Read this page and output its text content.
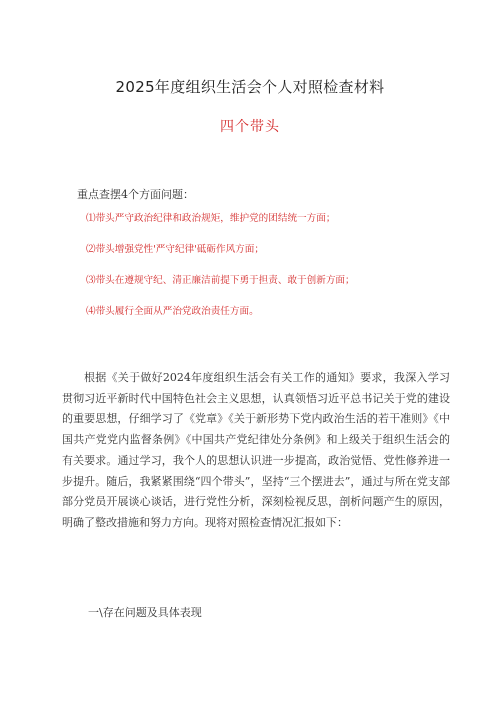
2025年度组织生活会个人对照检查材料
四个带头
重点查摆4个方面问题：
⑴带头严守政治纪律和政治规矩，维护党的团结统一方面；
⑵带头增强党性'严守纪律'砥砺作风方面；
⑶带头在遵规守纪、清正廉洁前提下勇于担责、敢于创新方面；
⑷带头履行全面从严治党政治责任方面。

根据《关于做好2024年度组织生活会有关工作的通知》要求，我深入学习贯彻习近平新时代中国特色社会主义思想，认真领悟习近平总书记关于党的建设的重要思想，仔细学习了《党章》《关于新形势下党内政治生活的若干准则》《中国共产党党内监督条例》《中国共产党纪律处分条例》和上级关于组织生活会的有关要求。通过学习，我个人的思想认识进一步提高，政治觉悟、党性修养进一步提升。随后，我紧紧围绕“四个带头”，坚持“三个摆进去”，通过与所在党支部部分党员开展谈心谈话，进行党性分析，深刻检视反思，剖析问题产生的原因，明确了整改措施和努力方向。现将对照检查情况汇报如下：

一\存在问题及具体表现
